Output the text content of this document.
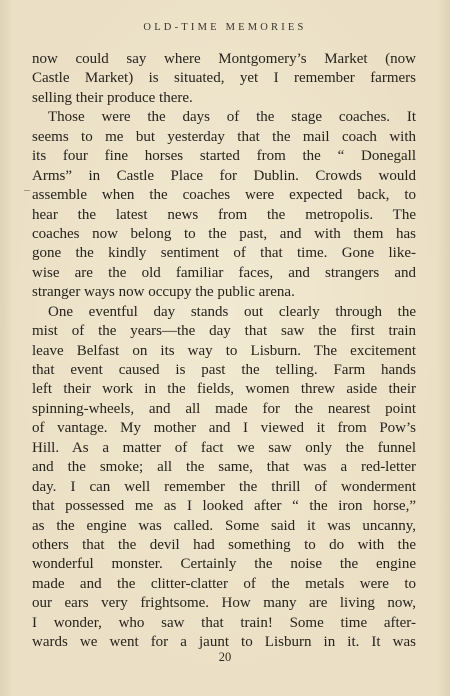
OLD-TIME MEMORIES
now could say where Montgomery’s Market (now
Castle Market) is situated, yet I remember farmers
selling their produce there.
Those were the days of the stage coaches. It
seems to me but yesterday that the mail coach with
its four fine horses started from the “ Donegall
Arms” in Castle Place for Dublin. Crowds would
assemble when the coaches were expected back, to
hear the latest news from the metropolis. The
coaches now belong to the past, and with them has
gone the kindly sentiment of that time. Gone like-
wise are the old familiar faces, and strangers and
stranger ways now occupy the public arena.
One eventful day stands out clearly through the
mist of the years—the day that saw the first train
leave Belfast on its way to Lisburn. The excitement
that event caused is past the telling. Farm hands
left their work in the fields, women threw aside their
spinning-wheels, and all made for the nearest point
of vantage. My mother and I viewed it from Pow’s
Hill. As a matter of fact we saw only the funnel
and the smoke; all the same, that was a red-letter
day. I can well remember the thrill of wonderment
that possessed me as I looked after “ the iron horse,”
as the engine was called. Some said it was uncanny,
others that the devil had something to do with the
wonderful monster. Certainly the noise the engine
made and the clitter-clatter of the metals were to
our ears very frightsome. How many are living now,
I wonder, who saw that train! Some time after-
wards we went for a jaunt to Lisburn in it. It was
20
